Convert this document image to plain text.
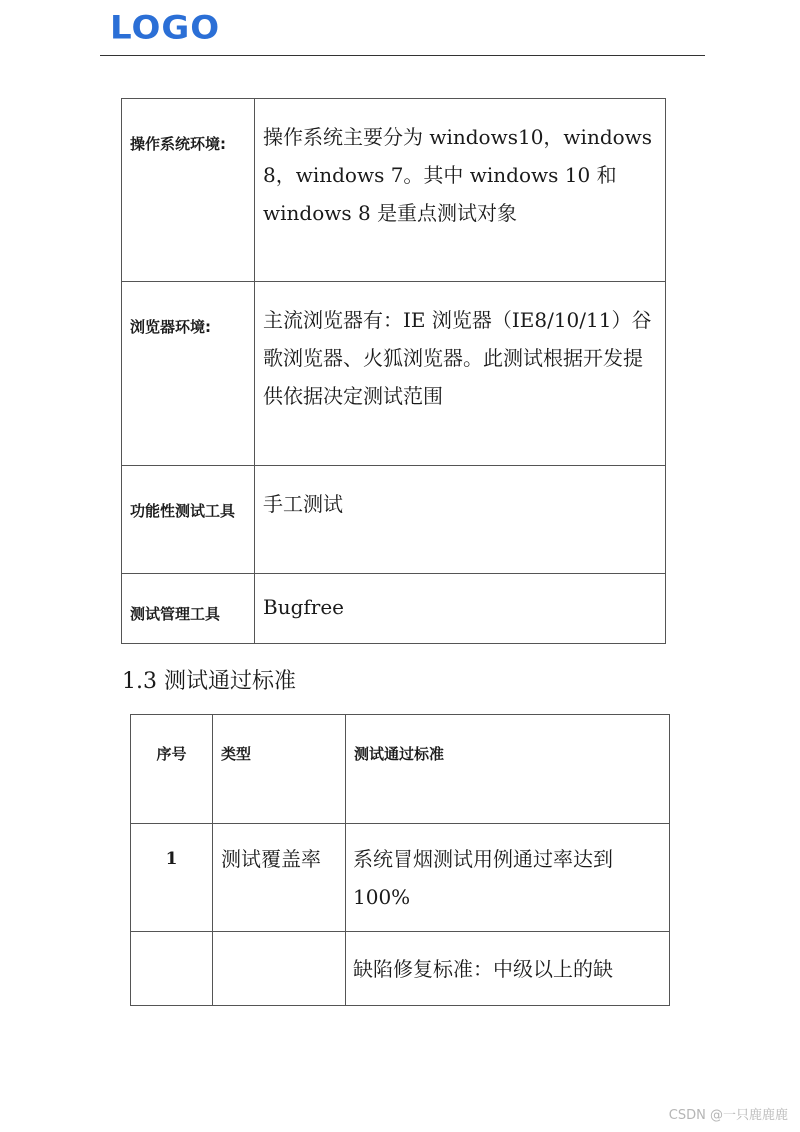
LOGO
操作系统环境:	操作系统主要分为 windows10，windows 8，windows 7。其中 windows 10 和windows 8 是重点测试对象
浏览器环境:	主流浏览器有：IE 浏览器（IE8/10/11）谷歌浏览器、火狐浏览器。此测试根据开发提供依据决定测试范围
功能性测试工具	手工测试
测试管理工具	Bugfree
1.3 测试通过标准
序号	类型	测试通过标准
1	测试覆盖率	系统冒烟测试用例通过率达到100%
		缺陷修复标准：中级以上的缺
CSDN @一只鹿鹿鹿
